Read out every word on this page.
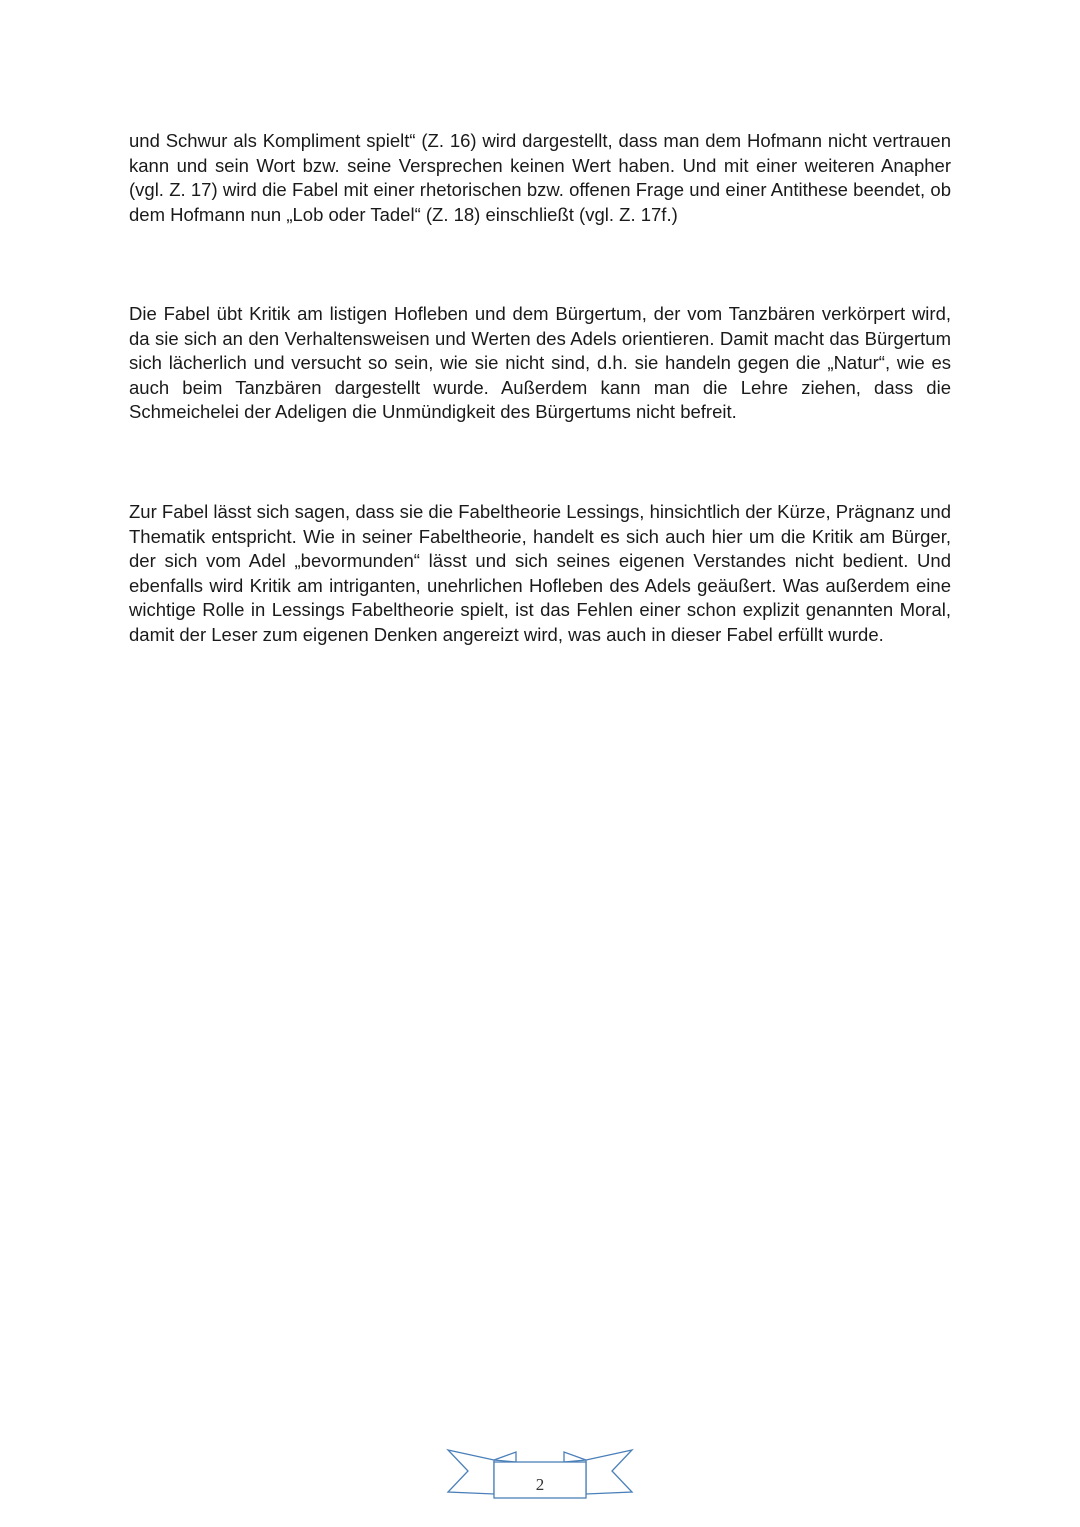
und Schwur als Kompliment spielt“ (Z. 16) wird dargestellt, dass man dem Hofmann nicht vertrauen kann und sein Wort bzw. seine Versprechen keinen Wert haben. Und mit einer weiteren Anapher (vgl. Z. 17) wird die Fabel mit einer rhetorischen bzw. offenen Frage und einer Antithese beendet, ob dem Hofmann nun „Lob oder Tadel“ (Z. 18) einschließt (vgl. Z. 17f.)

Die Fabel übt Kritik am listigen Hofleben und dem Bürgertum, der vom Tanzbären verkörpert wird, da sie sich an den Verhaltensweisen und Werten des Adels orientieren. Damit macht das Bürgertum sich lächerlich und versucht so sein, wie sie nicht sind, d.h. sie handeln gegen die „Natur“, wie es auch beim Tanzbären dargestellt wurde. Außerdem kann man die Lehre ziehen, dass die Schmeichelei der Adeligen die Unmündigkeit des Bürgertums nicht befreit.

Zur Fabel lässt sich sagen, dass sie die Fabeltheorie Lessings, hinsichtlich der Kürze, Prägnanz und Thematik entspricht. Wie in seiner Fabeltheorie, handelt es sich auch hier um die Kritik am Bürger, der sich vom Adel „bevormunden“ lässt und sich seines eigenen Verstandes nicht bedient. Und ebenfalls wird Kritik am intriganten, unehrlichen Hofleben des Adels geäußert. Was außerdem eine wichtige Rolle in Lessings Fabeltheorie spielt, ist das Fehlen einer schon explizit genannten Moral, damit der Leser zum eigenen Denken angereizt wird, was auch in dieser Fabel erfüllt wurde.

2
